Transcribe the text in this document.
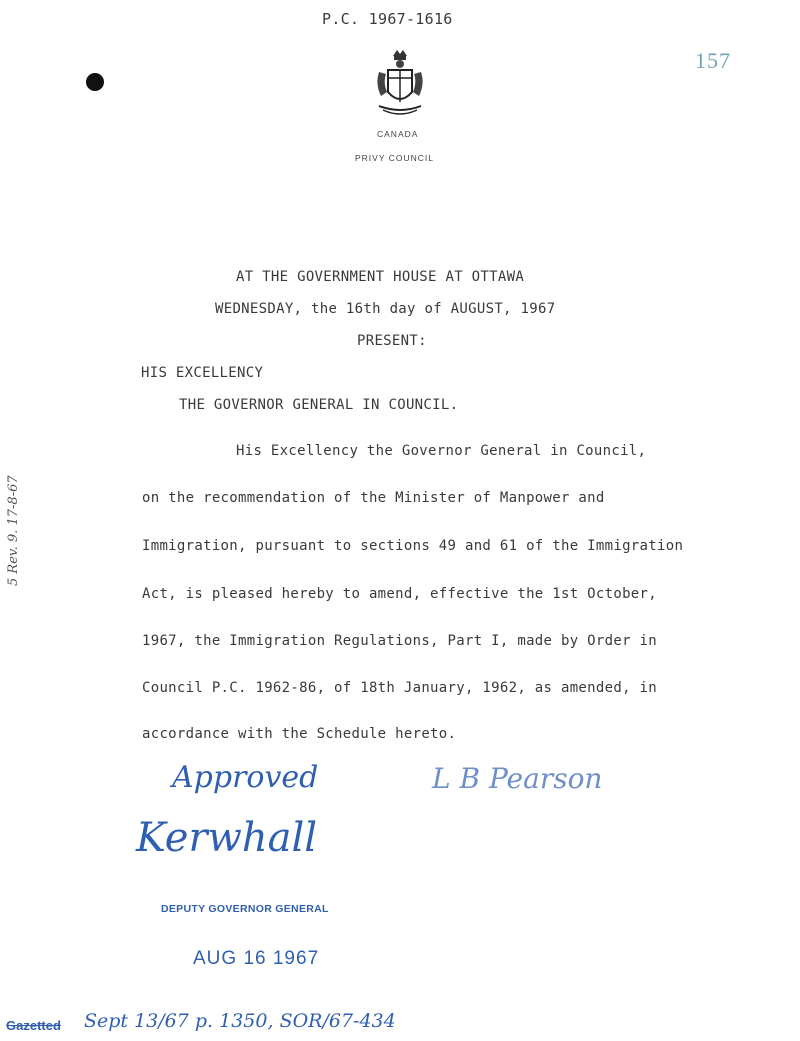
P.C. 1967-1616
157
CANADA
PRIVY COUNCIL
AT THE GOVERNMENT HOUSE AT OTTAWA
WEDNESDAY, the 16th day of AUGUST, 1967
PRESENT:
HIS EXCELLENCY
THE GOVERNOR GENERAL IN COUNCIL.
His Excellency the Governor General in Council,
on the recommendation of the Minister of Manpower and
Immigration, pursuant to sections 49 and 61 of the Immigration
Act, is pleased hereby to amend, effective the 1st October,
1967, the Immigration Regulations, Part I, made by Order in
Council P.C. 1962-86, of 18th January, 1962, as amended, in
accordance with the Schedule hereto.
5 Rev. 9. 17-8-67
Approved	L B Pearson
Kerwhall
DEPUTY GOVERNOR GENERAL
AUG 16 1967
Gazetted Sept 13/67 p. 1350, SOR/67-434
